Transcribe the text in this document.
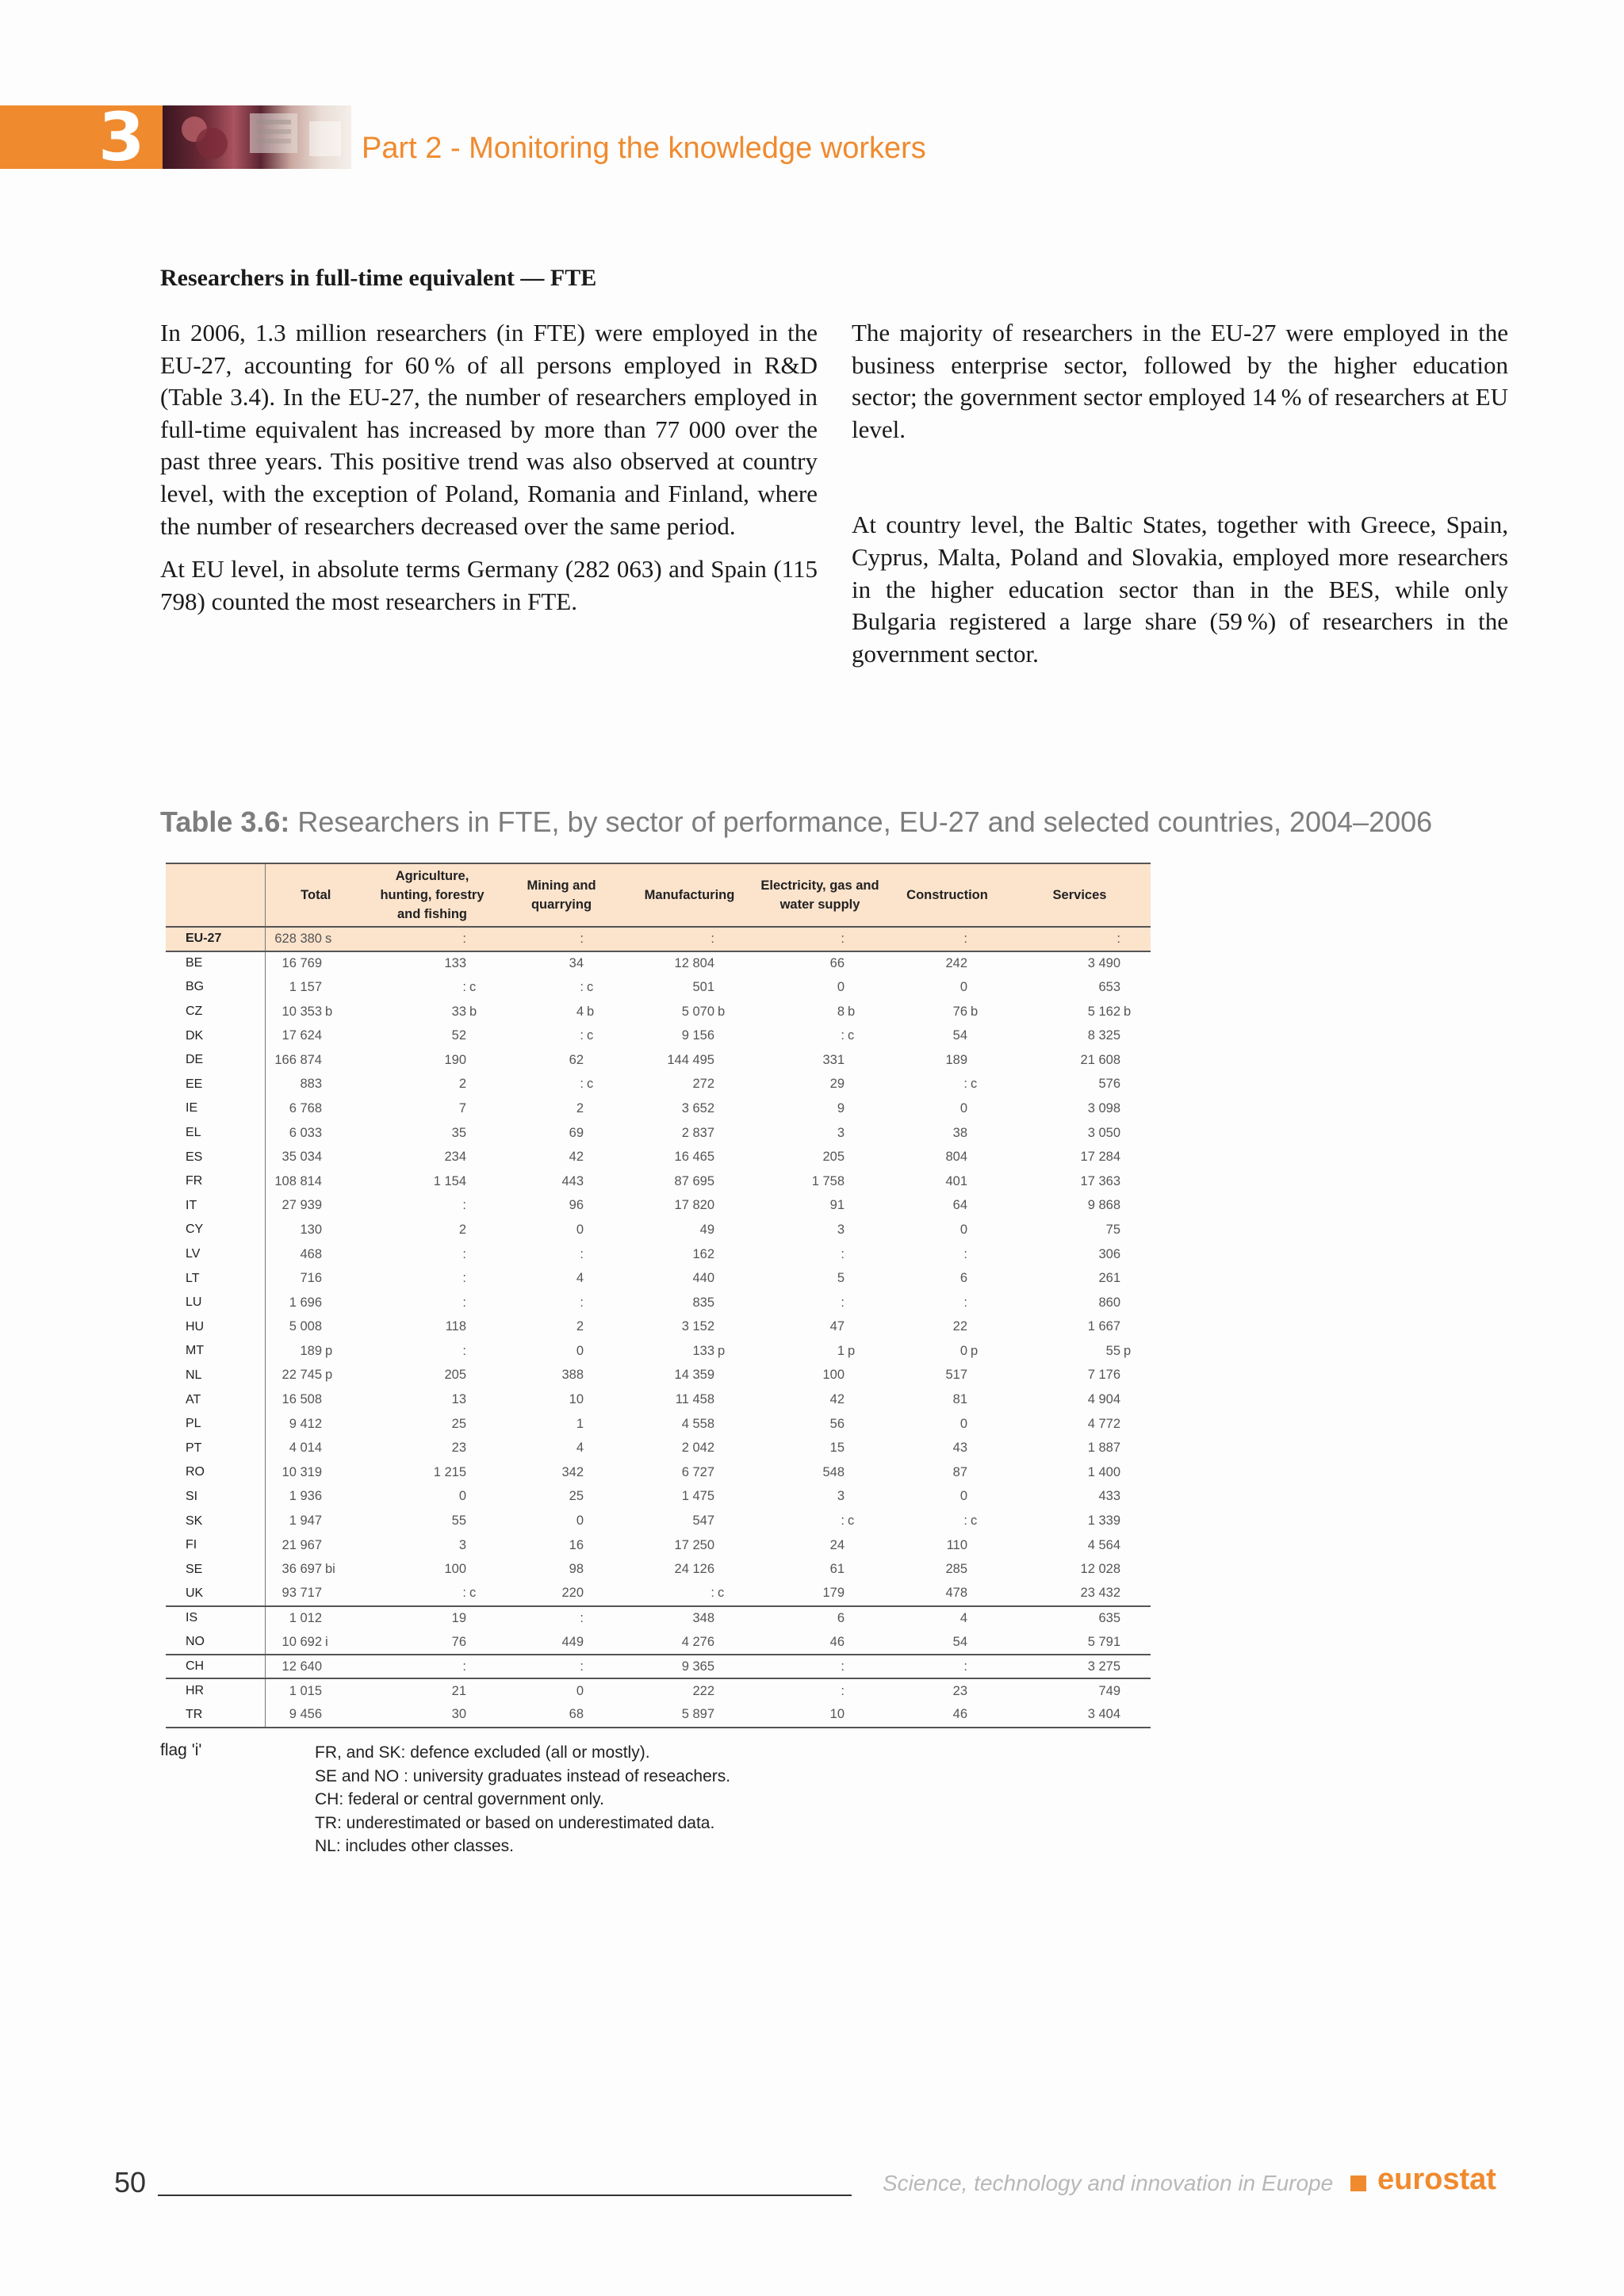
3	Part 2 - Monitoring the knowledge workers
Researchers in full-time equivalent — FTE

In 2006, 1.3 million researchers (in FTE) were employed in the EU-27, accounting for 60 % of all persons employed in R&D (Table 3.4). In the EU-27, the number of researchers employed in full-time equivalent has increased by more than 77 000 over the past three years. This positive trend was also observed at country level, with the exception of Poland, Romania and Finland, where the number of researchers decreased over the same period.

At EU level, in absolute terms Germany (282 063) and Spain (115 798) counted the most researchers in FTE.

The majority of researchers in the EU-27 were employed in the business enterprise sector, followed by the higher education sector; the government sector employed 14 % of researchers at EU level.

At country level, the Baltic States, together with Greece, Spain, Cyprus, Malta, Poland and Slovakia, employed more researchers in the higher education sector than in the BES, while only Bulgaria registered a large share (59 %) of researchers in the government sector.

Table 3.6: Researchers in FTE, by sector of performance, EU-27 and selected countries, 2004–2006
	Total	Agriculture, hunting, forestry and fishing	Mining and quarrying	Manufacturing	Electricity, gas and water supply	Construction	Services
EU-27	628 380 s	:	:	:	:	:	:
BE	16 769	133	34	12 804	66	242	3 490
BG	1 157	: c	: c	501	0	0	653
CZ	10 353 b	33 b	4 b	5 070 b	8 b	76 b	5 162 b
DK	17 624	52	: c	9 156	: c	54	8 325
DE	166 874	190	62	144 495	331	189	21 608
EE	883	2	: c	272	29	: c	576
IE	6 768	7	2	3 652	9	0	3 098
EL	6 033	35	69	2 837	3	38	3 050
ES	35 034	234	42	16 465	205	804	17 284
FR	108 814	1 154	443	87 695	1 758	401	17 363
IT	27 939	:	96	17 820	91	64	9 868
CY	130	2	0	49	3	0	75
LV	468	:	:	162	:	:	306
LT	716	:	4	440	5	6	261
LU	1 696	:	:	835	:	:	860
HU	5 008	118	2	3 152	47	22	1 667
MT	189 p	:	0	133 p	1 p	0 p	55 p
NL	22 745 p	205	388	14 359	100	517	7 176
AT	16 508	13	10	11 458	42	81	4 904
PL	9 412	25	1	4 558	56	0	4 772
PT	4 014	23	4	2 042	15	43	1 887
RO	10 319	1 215	342	6 727	548	87	1 400
SI	1 936	0	25	1 475	3	0	433
SK	1 947	55	0	547	: c	: c	1 339
FI	21 967	3	16	17 250	24	110	4 564
SE	36 697 bi	100	98	24 126	61	285	12 028
UK	93 717	: c	220	: c	179	478	23 432
IS	1 012	19	:	348	6	4	635
NO	10 692 i	76	449	4 276	46	54	5 791
CH	12 640	:	:	9 365	:	:	3 275
HR	1 015	21	0	222	:	23	749
TR	9 456	30	68	5 897	10	46	3 404
flag 'i'	FR, and SK: defence excluded (all or mostly).
SE and NO : university graduates instead of reseachers.
CH: federal or central government only.
TR: underestimated or based on underestimated data.
NL: includes other classes.
50	Science, technology and innovation in Europe eurostat
